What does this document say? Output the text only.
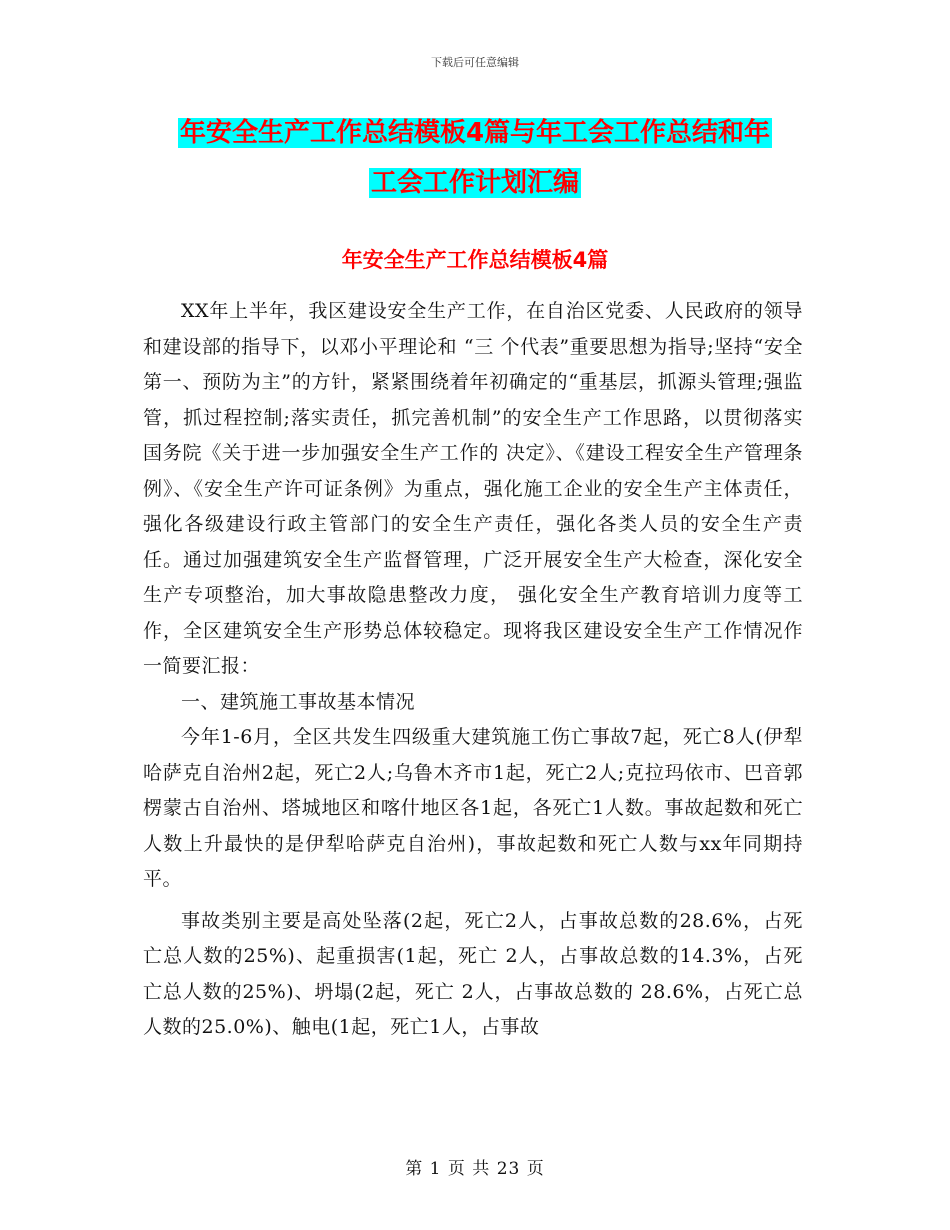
下载后可任意编辑
年安全生产工作总结模板4篇与年工会工作总结和年
工会工作计划汇编
年安全生产工作总结模板4篇

XX年上半年，我区建设安全生产工作，在自治区党委、人民政府的领导和建设部的指导下，以邓小平理论和 “三 个代表”重要思想为指导;坚持“安全第一、预防为主”的方针，紧紧围绕着年初确定的“重基层，抓源头管理;强监 管，抓过程控制;落实责任，抓完善机制”的安全生产工作思路，以贯彻落实国务院《关于进一步加强安全生产工作的 决定》、《建设工程安全生产管理条例》、《安全生产许可证条例》为重点，强化施工企业的安全生产主体责任，强化各级建设行政主管部门的安全生产责任，强化各类人员的安全生产责任。通过加强建筑安全生产监督管理，广泛开展安全生产大检查，深化安全生产专项整治，加大事故隐患整改力度， 强化安全生产教育培训力度等工作，全区建筑安全生产形势总体较稳定。现将我区建设安全生产工作情况作一简要汇报：

一、建筑施工事故基本情况

今年1-6月，全区共发生四级重大建筑施工伤亡事故7起，死亡8人(伊犁哈萨克自治州2起，死亡2人;乌鲁木齐市1起，死亡2人;克拉玛依市、巴音郭楞蒙古自治州、塔城地区和喀什地区各1起，各死亡1人数。事故起数和死亡人数上升最快的是伊犁哈萨克自治州)，事故起数和死亡人数与xx年同期持平。

事故类别主要是高处坠落(2起，死亡2人，占事故总数的28.6%，占死亡总人数的25%)、起重损害(1起，死亡 2人，占事故总数的14.3%，占死亡总人数的25%)、坍塌(2起，死亡 2人，占事故总数的 28.6%，占死亡总人数的25.0%)、触电(1起，死亡1人，占事故

第 1 页 共 23 页
